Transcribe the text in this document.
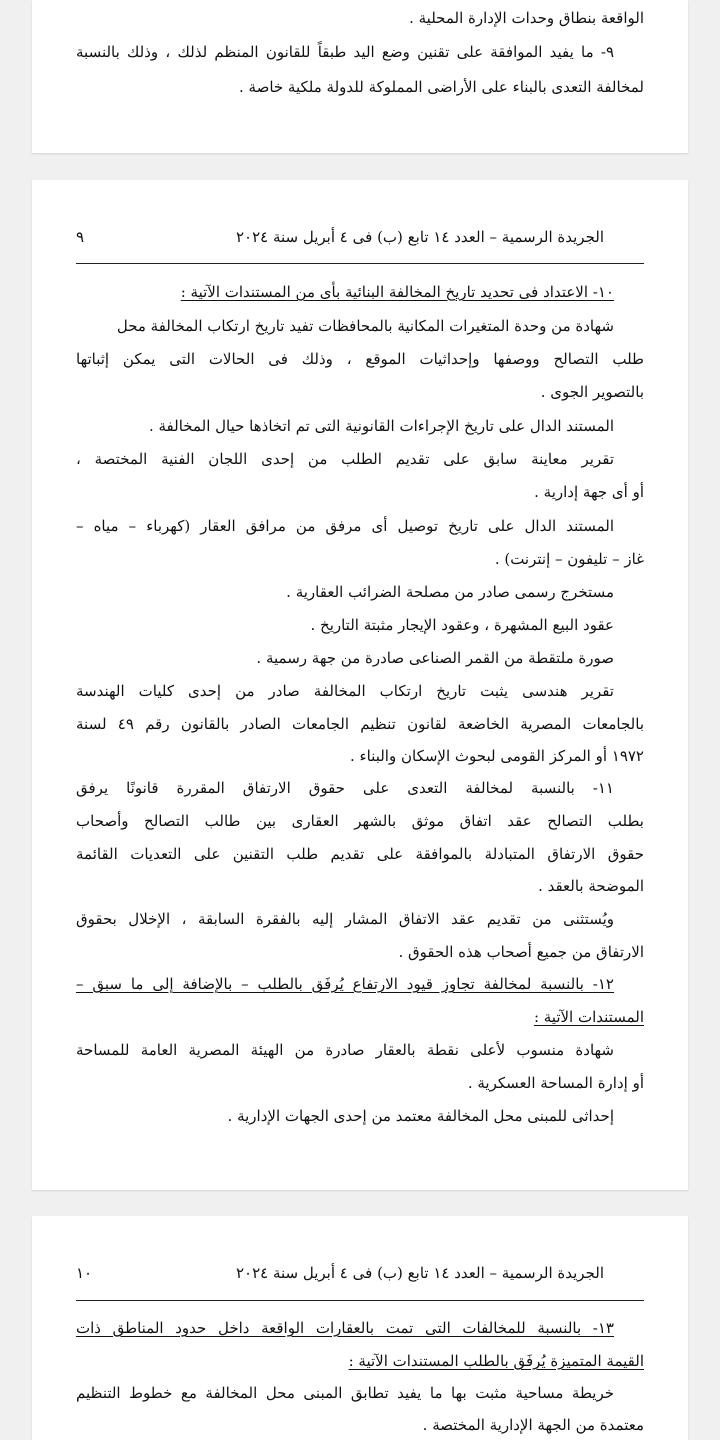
الواقعة بنطاق وحدات الإدارة المحلية .
٩- ما يفيد الموافقة على تقنين وضع اليد طبقاً للقانون المنظم لذلك ، وذلك بالنسبة
لمخالفة التعدى بالبناء على الأراضى المملوكة للدولة ملكية خاصة .
الجريدة الرسمية – العدد ١٤ تابع (ب) فى ٤ أبريل سنة ٢٠٢٤
٩
١٠- الاعتداد فى تحديد تاريخ المخالفة البنائية بأى من المستندات الآتية :
شهادة من وحدة المتغيرات المكانية بالمحافظات تفيد تاريخ ارتكاب المخالفة محل
طلب التصالح ووصفها وإحداثيات الموقع ، وذلك فى الحالات التى يمكن إثباتها
بالتصوير الجوى .
المستند الدال على تاريخ الإجراءات القانونية التى تم اتخاذها حيال المخالفة .
تقرير معاينة سابق على تقديم الطلب من إحدى اللجان الفنية المختصة ،
أو أى جهة إدارية .
المستند الدال على تاريخ توصيل أى مرفق من مرافق العقار (كهرباء – مياه –
غاز – تليفون – إنترنت) .
مستخرج رسمى صادر من مصلحة الضرائب العقارية .
عقود البيع المشهرة ، وعقود الإيجار مثبتة التاريخ .
صورة ملتقطة من القمر الصناعى صادرة من جهة رسمية .
تقرير هندسى يثبت تاريخ ارتكاب المخالفة صادر من إحدى كليات الهندسة
بالجامعات المصرية الخاضعة لقانون تنظيم الجامعات الصادر بالقانون رقم ٤٩ لسنة
١٩٧٢ أو المركز القومى لبحوث الإسكان والبناء .
١١- بالنسبة لمخالفة التعدى على حقوق الارتفاق المقررة قانونًا يرفق
بطلب التصالح عقد اتفاق موثق بالشهر العقارى بين طالب التصالح وأصحاب
حقوق الارتفاق المتبادلة بالموافقة على تقديم طلب التقنين على التعديات القائمة
الموضحة بالعقد .
ويُستثنى من تقديم عقد الاتفاق المشار إليه بالفقرة السابقة ، الإخلال بحقوق
الارتفاق من جميع أصحاب هذه الحقوق .
١٢- بالنسبة لمخالفة تجاوز قيود الارتفاع يُرفَق بالطلب – بالإضافة إلى ما سبق –
المستندات الآتية :
شهادة منسوب لأعلى نقطة بالعقار صادرة من الهيئة المصرية العامة للمساحة
أو إدارة المساحة العسكرية .
إحداثى للمبنى محل المخالفة معتمد من إحدى الجهات الإدارية .
الجريدة الرسمية – العدد ١٤ تابع (ب) فى ٤ أبريل سنة ٢٠٢٤
١٠
١٣- بالنسبة للمخالفات التى تمت بالعقارات الواقعة داخل حدود المناطق ذات
القيمة المتميزة يُرفَق بالطلب المستندات الآتية :
خريطة مساحية مثبت بها ما يفيد تطابق المبنى محل المخالفة مع خطوط التنظيم
معتمدة من الجهة الإدارية المختصة .
